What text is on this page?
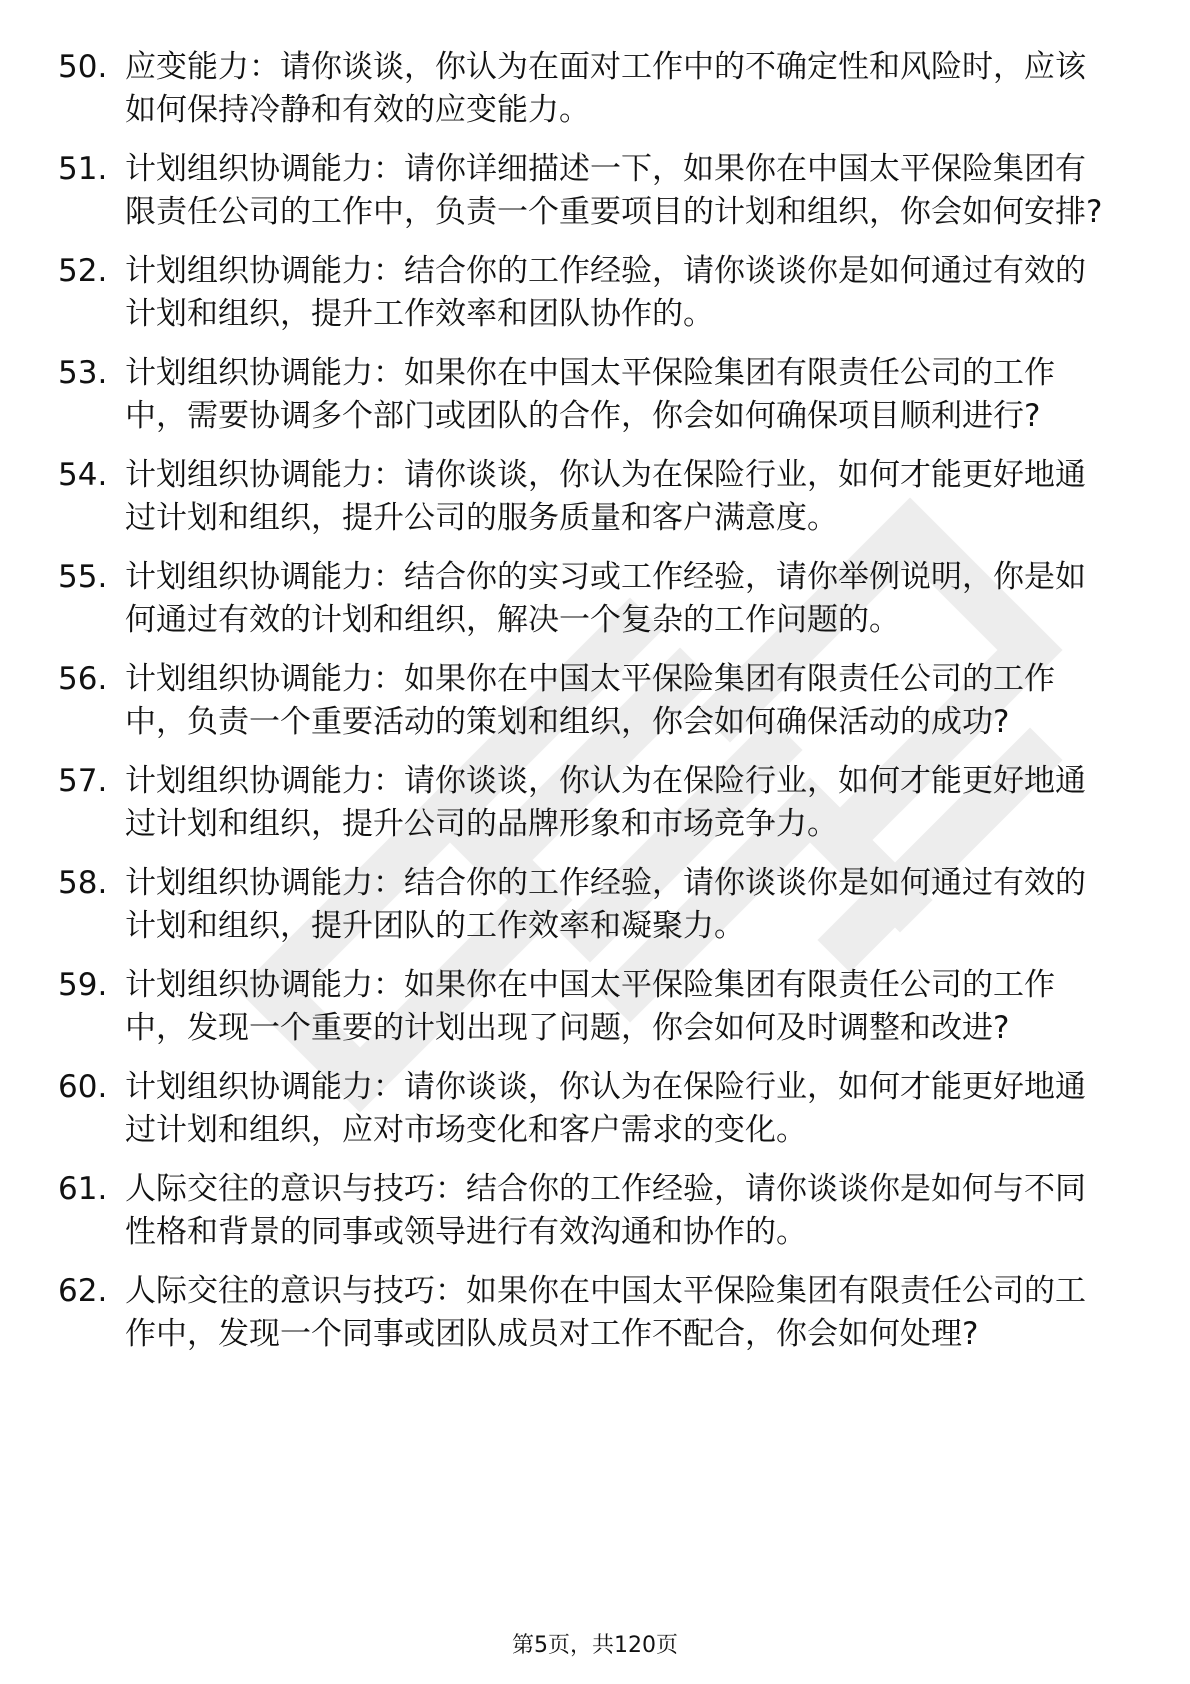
50. 应变能力：请你谈谈，你认为在面对工作中的不确定性和风险时，应该如何保持冷静和有效的应变能力。
51. 计划组织协调能力：请你详细描述一下，如果你在中国太平保险集团有限责任公司的工作中，负责一个重要项目的计划和组织，你会如何安排?
52. 计划组织协调能力：结合你的工作经验，请你谈谈你是如何通过有效的计划和组织，提升工作效率和团队协作的。
53. 计划组织协调能力：如果你在中国太平保险集团有限责任公司的工作中，需要协调多个部门或团队的合作，你会如何确保项目顺利进行?
54. 计划组织协调能力：请你谈谈，你认为在保险行业，如何才能更好地通过计划和组织，提升公司的服务质量和客户满意度。
55. 计划组织协调能力：结合你的实习或工作经验，请你举例说明，你是如何通过有效的计划和组织，解决一个复杂的工作问题的。
56. 计划组织协调能力：如果你在中国太平保险集团有限责任公司的工作中，负责一个重要活动的策划和组织，你会如何确保活动的成功?
57. 计划组织协调能力：请你谈谈，你认为在保险行业，如何才能更好地通过计划和组织，提升公司的品牌形象和市场竞争力。
58. 计划组织协调能力：结合你的工作经验，请你谈谈你是如何通过有效的计划和组织，提升团队的工作效率和凝聚力。
59. 计划组织协调能力：如果你在中国太平保险集团有限责任公司的工作中，发现一个重要的计划出现了问题，你会如何及时调整和改进?
60. 计划组织协调能力：请你谈谈，你认为在保险行业，如何才能更好地通过计划和组织，应对市场变化和客户需求的变化。
61. 人际交往的意识与技巧：结合你的工作经验，请你谈谈你是如何与不同性格和背景的同事或领导进行有效沟通和协作的。
62. 人际交往的意识与技巧：如果你在中国太平保险集团有限责任公司的工作中，发现一个同事或团队成员对工作不配合，你会如何处理?
第5页，共120页
